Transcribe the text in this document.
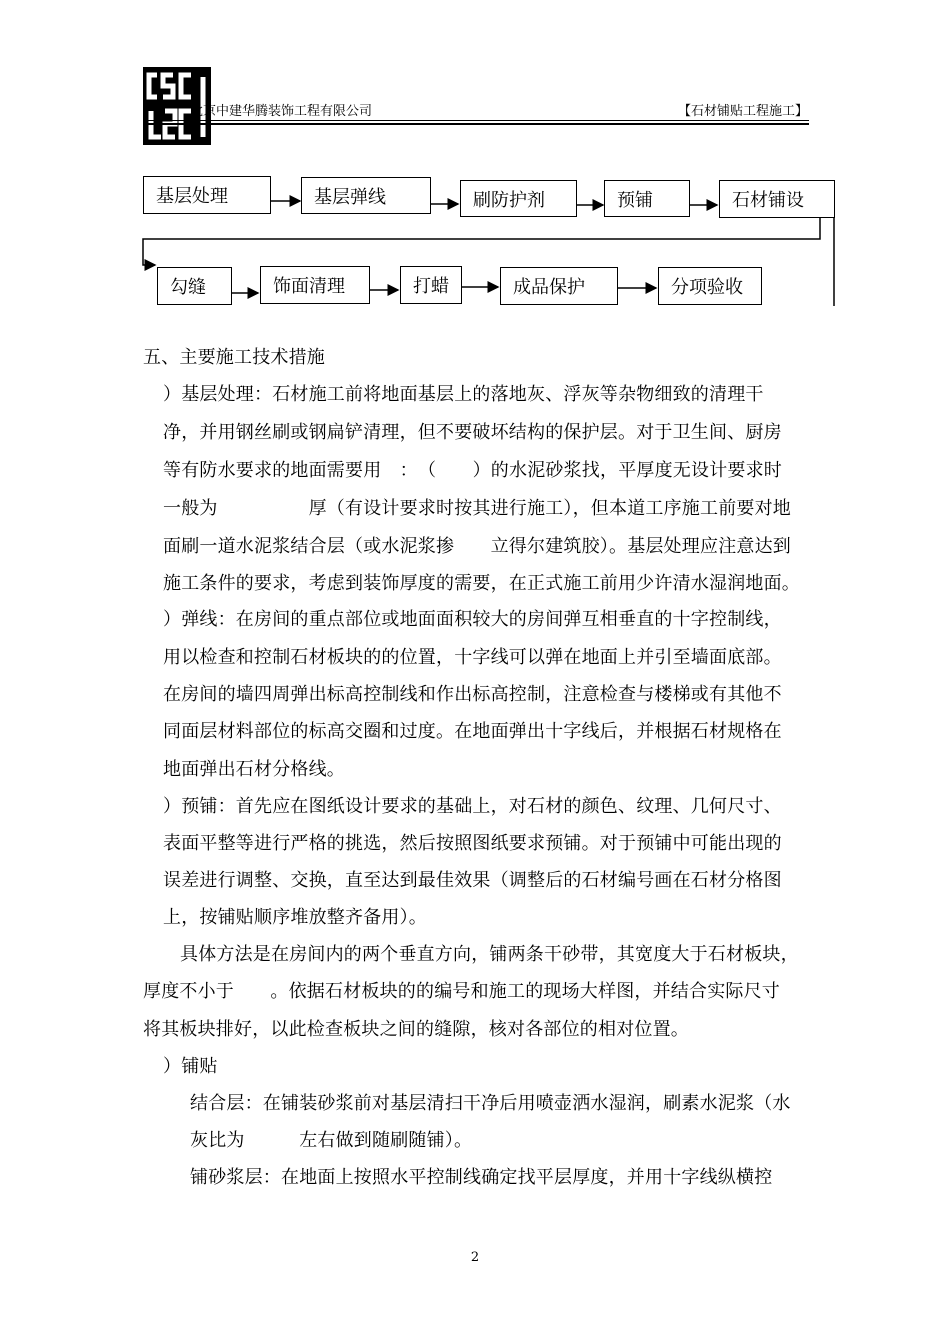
北京中建华腾装饰工程有限公司	【石材铺贴工程施工】
基层处理	基层弹线	刷防护剂	预铺	石材铺设
勾缝	饰面清理	打蜡	成品保护	分项验收
五、主要施工技术措施
）基层处理：石材施工前将地面基层上的落地灰、浮灰等杂物细致的清理干
净，并用钢丝刷或钢扁铲清理，但不要破坏结构的保护层。对于卫生间、厨房
等有防水要求的地面需要用　：　（　　）的水泥砂浆找，平厚度无设计要求时
一般为　　　　　厚（有设计要求时按其进行施工），但本道工序施工前要对地
面刷一道水泥浆结合层（或水泥浆掺　　立得尔建筑胶）。基层处理应注意达到
施工条件的要求，考虑到装饰厚度的需要，在正式施工前用少许清水湿润地面。
）弹线：在房间的重点部位或地面面积较大的房间弹互相垂直的十字控制线，
用以检查和控制石材板块的的位置，十字线可以弹在地面上并引至墙面底部。
在房间的墙四周弹出标高控制线和作出标高控制，注意检查与楼梯或有其他不
同面层材料部位的标高交圈和过度。在地面弹出十字线后，并根据石材规格在
地面弹出石材分格线。
）预铺：首先应在图纸设计要求的基础上，对石材的颜色、纹理、几何尺寸、
表面平整等进行严格的挑选，然后按照图纸要求预铺。对于预铺中可能出现的
误差进行调整、交换，直至达到最佳效果（调整后的石材编号画在石材分格图
上，按铺贴顺序堆放整齐备用）。
具体方法是在房间内的两个垂直方向，铺两条干砂带，其宽度大于石材板块，
厚度不小于　　。依据石材板块的的编号和施工的现场大样图，并结合实际尺寸
将其板块排好，以此检查板块之间的缝隙，核对各部位的相对位置。
）铺贴
结合层：在铺装砂浆前对基层清扫干净后用喷壶洒水湿润，刷素水泥浆（水
灰比为　　　左右做到随刷随铺）。
铺砂浆层：在地面上按照水平控制线确定找平层厚度，并用十字线纵横控
2
